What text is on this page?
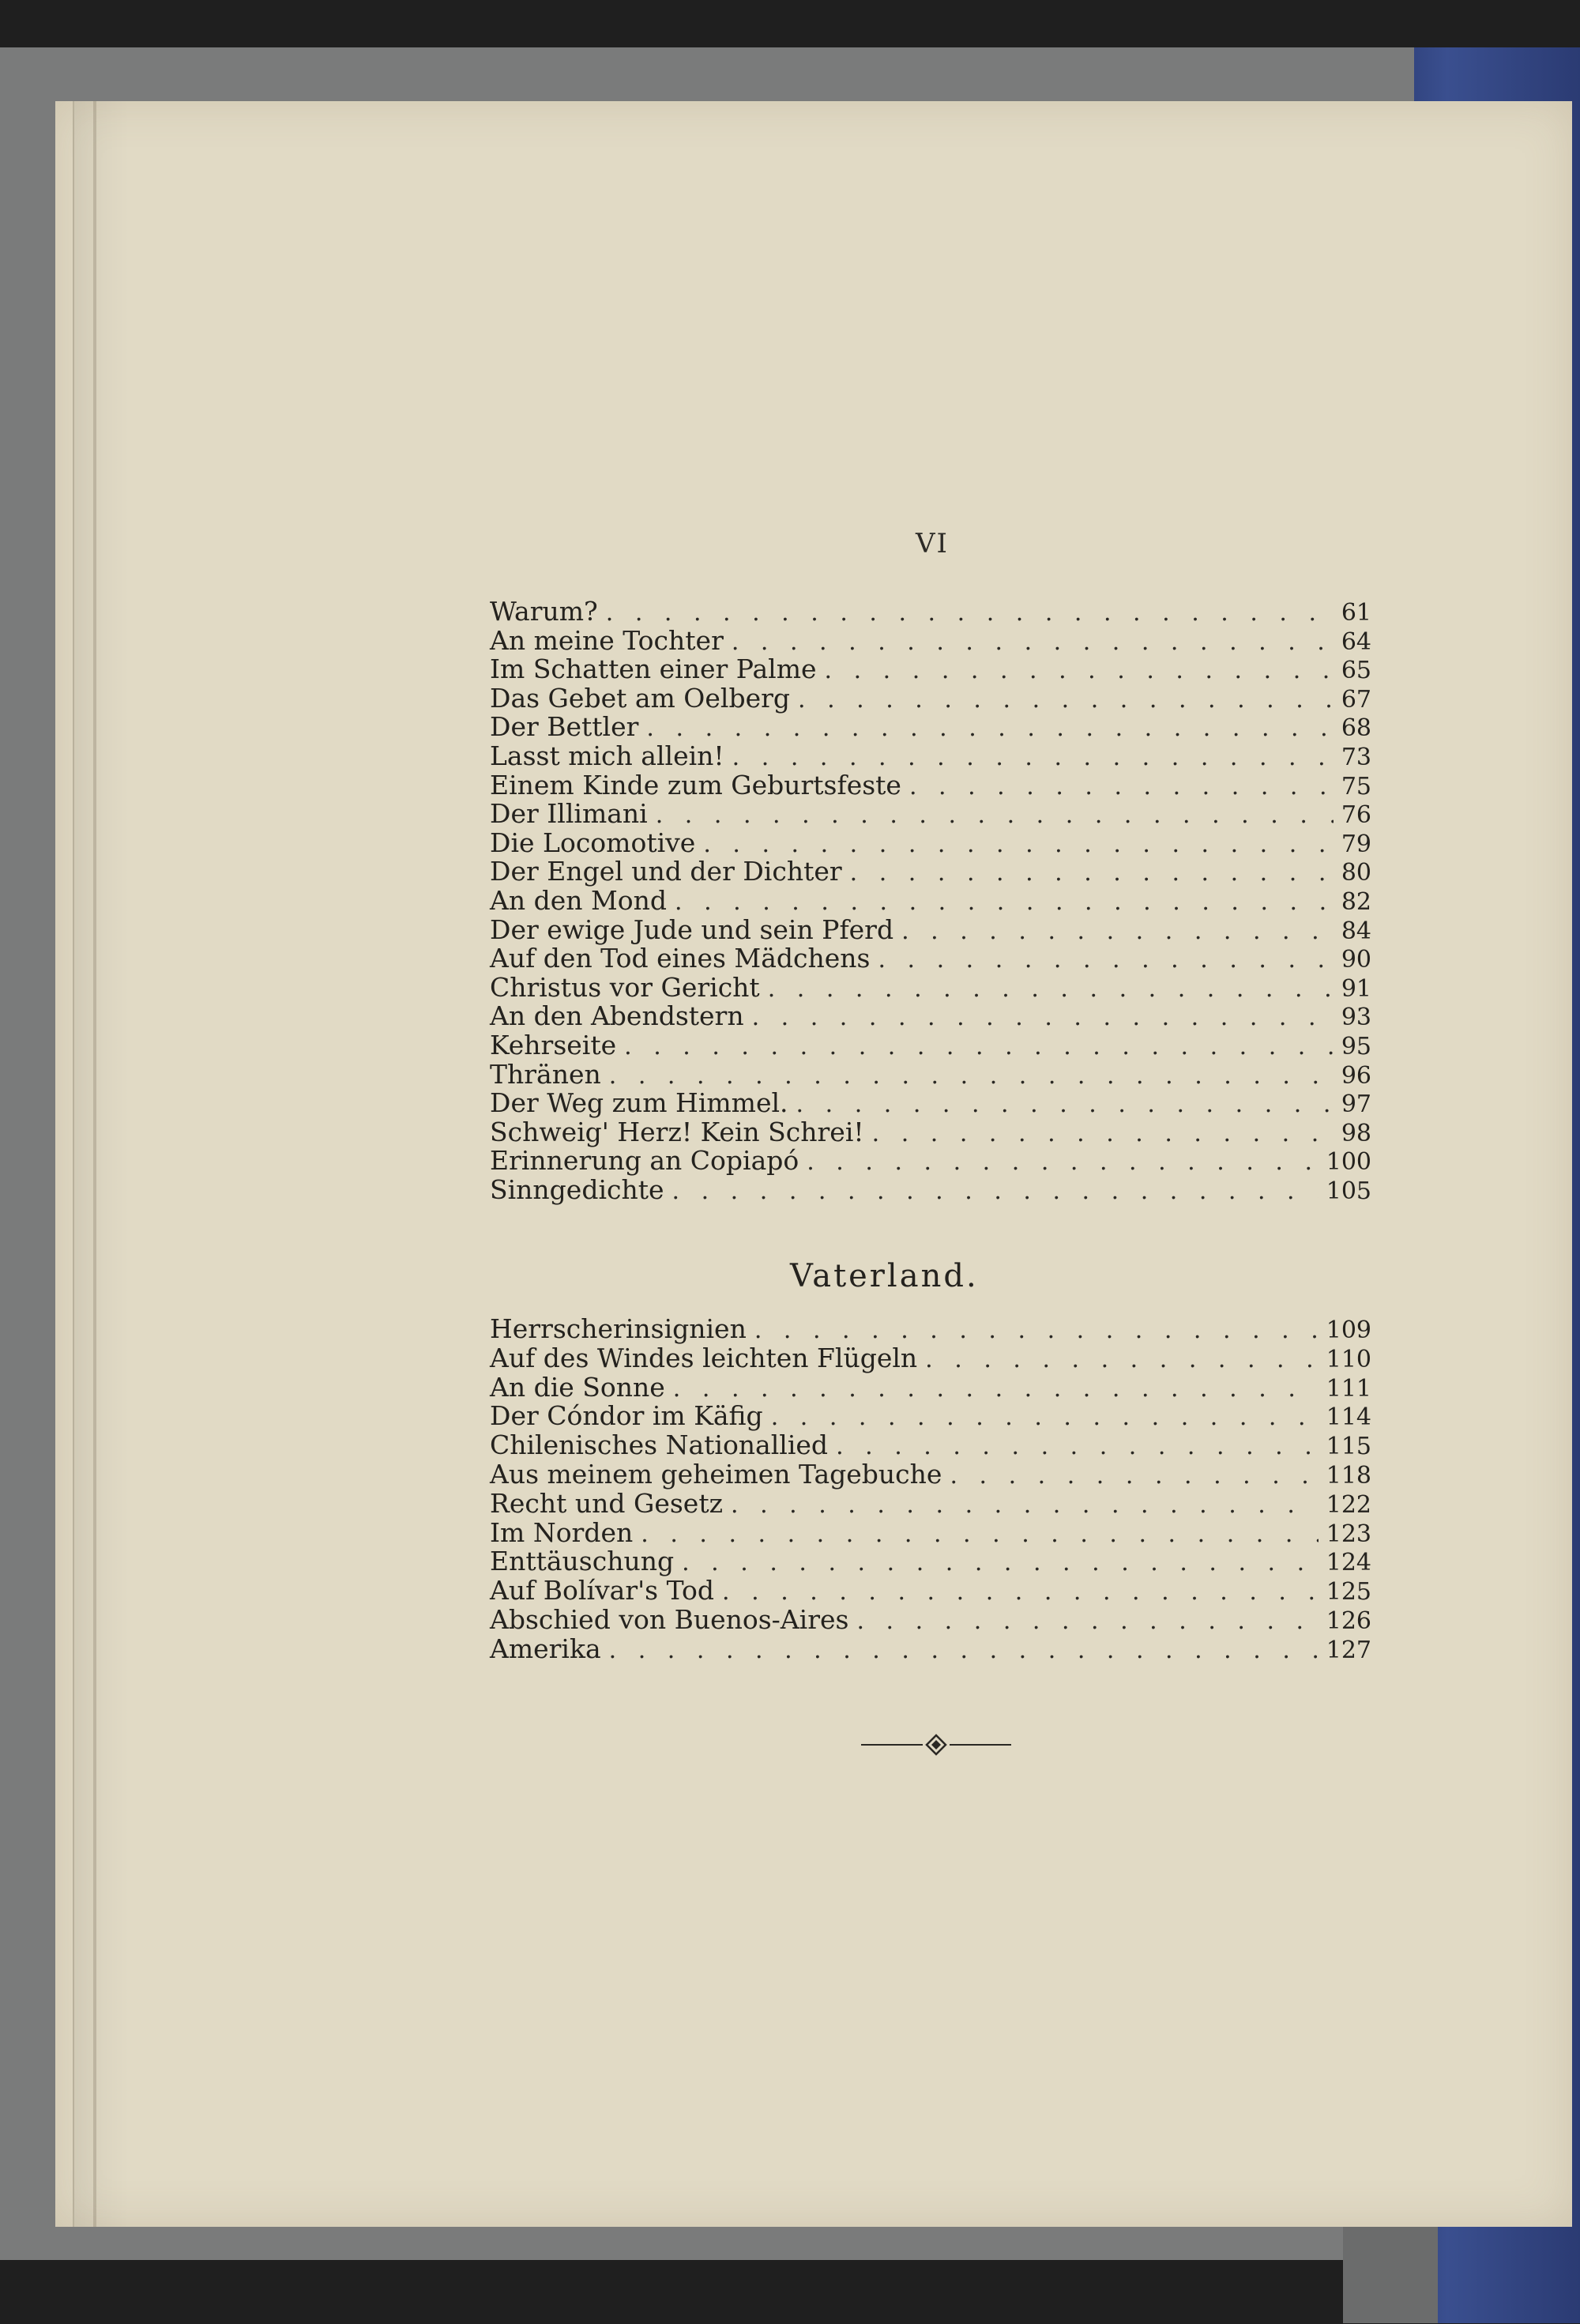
VI
Warum? . . .	61
An meine Tochter . . .	64
Im Schatten einer Palme . . .	65
Das Gebet am Oelberg . . .	67
Der Bettler . . .	68
Lasst mich allein! . . .	73
Einem Kinde zum Geburtsfeste . . .	75
Der Illimani . . .	76
Die Locomotive . . .	79
Der Engel und der Dichter . . .	80
An den Mond . . .	82
Der ewige Jude und sein Pferd . . .	84
Auf den Tod eines Mädchens . . .	90
Christus vor Gericht . . .	91
An den Abendstern . . .	93
Kehrseite . . .	95
Thränen . . .	96
Der Weg zum Himmel. . . .	97
Schweig' Herz! Kein Schrei! . . .	98
Erinnerung an Copiapó . . .	100
Sinngedichte . . .	105
Vaterland.
Herrscherinsignien . . .	109
Auf des Windes leichten Flügeln . . .	110
An die Sonne . . .	111
Der Cóndor im Käfig . . .	114
Chilenisches Nationallied . . .	115
Aus meinem geheimen Tagebuche . . .	118
Recht und Gesetz . . .	122
Im Norden . . .	123
Enttäuschung . . .	124
Auf Bolívar's Tod . . .	125
Abschied von Buenos-Aires . . .	126
Amerika . . .	127
